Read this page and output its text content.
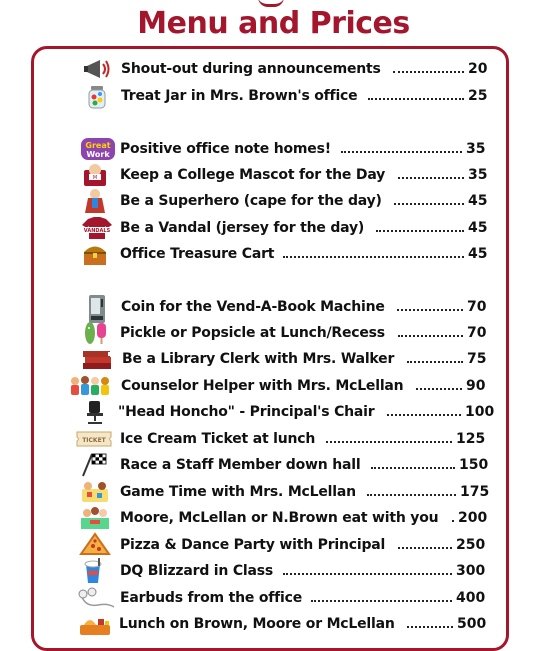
Menu and Prices
Shout-out during announcements	20
Treat Jar in Mrs. Brown's office	25
Great
Work Positive office note homes!	35
M Keep a College Mascot for the Day	35
Be a Superhero (cape for the day)	45
VANDALS Be a Vandal (jersey for the day)	45
Office Treasure Cart	45
Coin for the Vend-A-Book Machine	70
Pickle or Popsicle at Lunch/Recess	70
Be a Library Clerk with Mrs. Walker	75
Counselor Helper with Mrs. McLellan	90
"Head Honcho" - Principal's Chair	100
TICKET Ice Cream Ticket at lunch	125
Race a Staff Member down hall	150
Game Time with Mrs. McLellan	175
Moore, McLellan or N.Brown eat with you 200
Pizza & Dance Party with Principal	250
DQ Blizzard in Class	300
Earbuds from the office	400
Lunch on Brown, Moore or McLellan	500
